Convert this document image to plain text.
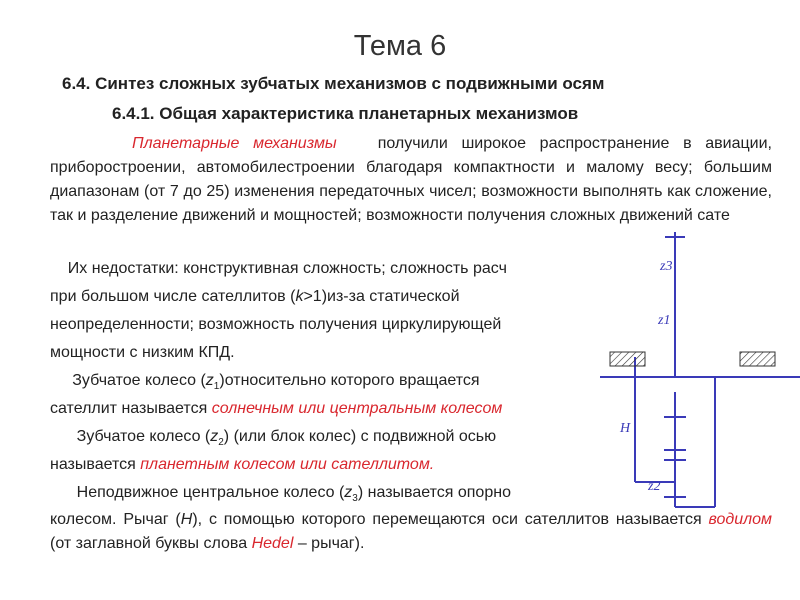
Тема 6
6.4. Синтез сложных зубчатых механизмов с подвижными осям
6.4.1. Общая характеристика планетарных механизмов
Планетарные механизмы	получили широкое распространение в авиации, приборостроении, автомобилестроении благодаря компактности и малому весу; большим диапазонам (от 7 до 25) изменения передаточных чисел; возможности выполнять как сложение, так и разделение движений и мощностей; возможности получения сложных движений сате
Их недостатки: конструктивная сложность; сложность расч
при большом числе сателлитов (k>1)из-за статической
неопределенности; возможность получения циркулирующей
мощности с низким КПД.
Зубчатое колесо $(z_1)относительно$ которого вращается
сателлит называется солнечным или центральным колесом
Зубчатое колесо $(z_2)$ (или блок колес) с подвижной осью
называется планетным колесом или сателлитом.
Неподвижное центральное колесо $(z_3)$ называется опорно
колесом. Рычаг (H), с помощью которого перемещаются оси сателлитов называется водилом (от заглавной буквы слова Hedel – рычаг).
z3
z1
H
z2
